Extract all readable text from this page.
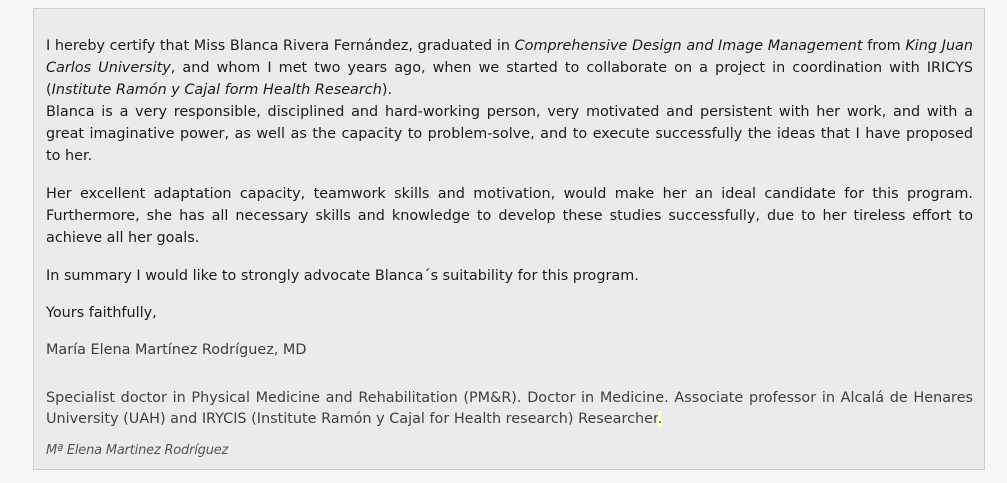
I hereby certify that Miss Blanca Rivera Fernández, graduated in Comprehensive Design and Image Management from King Juan Carlos University, and whom I met two years ago, when we started to collaborate on a project in coordination with IRICYS (Institute Ramón y Cajal form Health Research).

Blanca is a very responsible, disciplined and hard-working person, very motivated and persistent with her work, and with a great imaginative power, as well as the capacity to problem-solve, and to execute successfully the ideas that I have proposed to her.

Her excellent adaptation capacity, teamwork skills and motivation, would make her an ideal candidate for this program. Furthermore, she has all necessary skills and knowledge to develop these studies successfully, due to her tireless effort to achieve all her goals.

In summary I would like to strongly advocate Blanca´s suitability for this program.

Yours faithfully,

María Elena Martínez Rodríguez, MD

Specialist doctor in Physical Medicine and Rehabilitation (PM&R). Doctor in Medicine. Associate professor in Alcalá de Henares University (UAH) and IRYCIS (Institute Ramón y Cajal for Health research) Researcher.

Mª Elena Martinez Rodríguez
